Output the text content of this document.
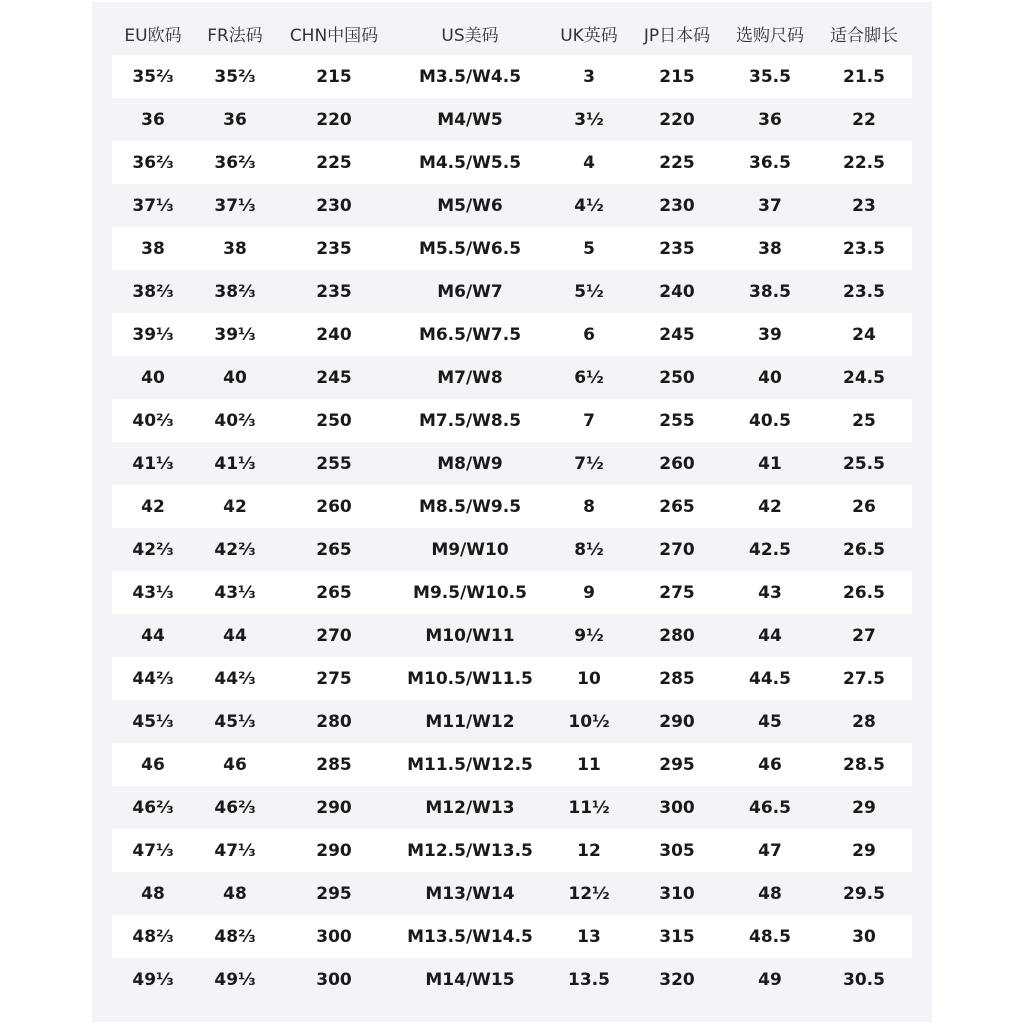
EU欧码	FR法码	CHN中国码	US美码	UK英码	JP日本码	选购尺码	适合脚长
35⅔	35⅔	215	M3.5/W4.5	3	215	35.5	21.5
36	36	220	M4/W5	3½	220	36	22
36⅔	36⅔	225	M4.5/W5.5	4	225	36.5	22.5
37⅓	37⅓	230	M5/W6	4½	230	37	23
38	38	235	M5.5/W6.5	5	235	38	23.5
38⅔	38⅔	235	M6/W7	5½	240	38.5	23.5
39⅓	39⅓	240	M6.5/W7.5	6	245	39	24
40	40	245	M7/W8	6½	250	40	24.5
40⅔	40⅔	250	M7.5/W8.5	7	255	40.5	25
41⅓	41⅓	255	M8/W9	7½	260	41	25.5
42	42	260	M8.5/W9.5	8	265	42	26
42⅔	42⅔	265	M9/W10	8½	270	42.5	26.5
43⅓	43⅓	265	M9.5/W10.5	9	275	43	26.5
44	44	270	M10/W11	9½	280	44	27
44⅔	44⅔	275	M10.5/W11.5	10	285	44.5	27.5
45⅓	45⅓	280	M11/W12	10½	290	45	28
46	46	285	M11.5/W12.5	11	295	46	28.5
46⅔	46⅔	290	M12/W13	11½	300	46.5	29
47⅓	47⅓	290	M12.5/W13.5	12	305	47	29
48	48	295	M13/W14	12½	310	48	29.5
48⅔	48⅔	300	M13.5/W14.5	13	315	48.5	30
49⅓	49⅓	300	M14/W15	13.5	320	49	30.5
